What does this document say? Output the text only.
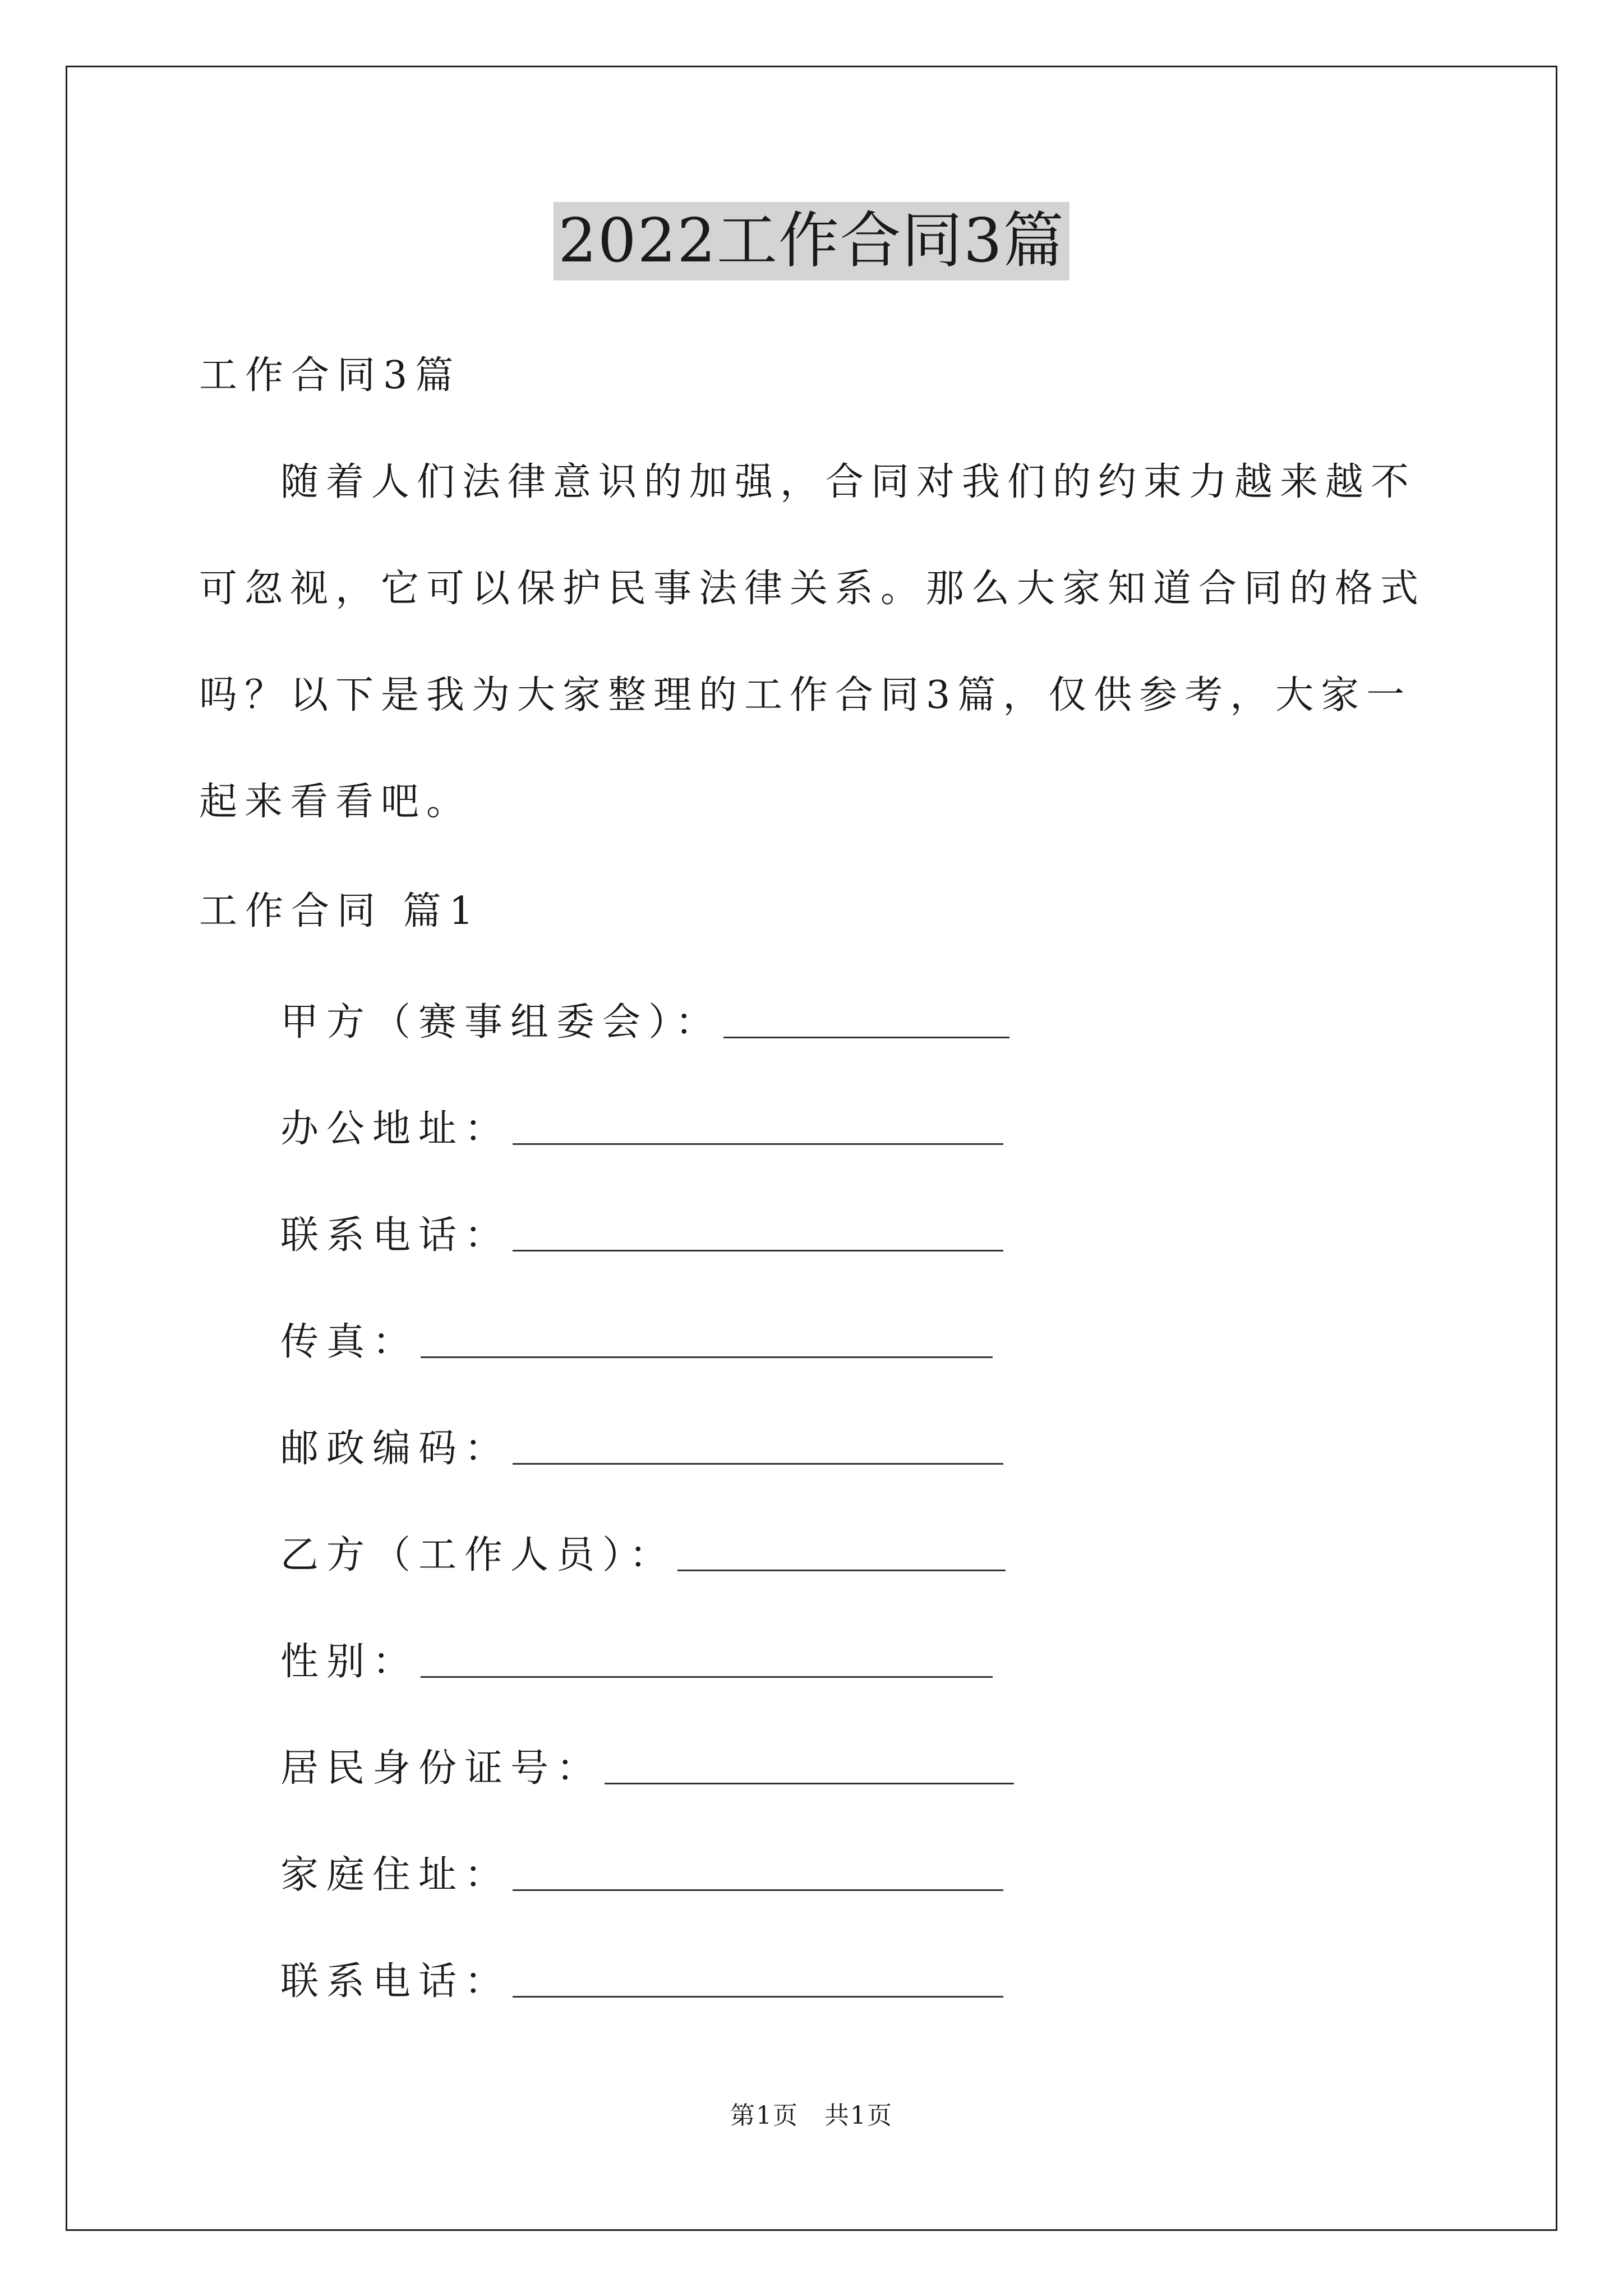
2022工作合同3篇
工作合同3篇

随着人们法律意识的加强，合同对我们的约束力越来越不可忽视，它可以保护民事法律关系。那么大家知道合同的格式吗？以下是我为大家整理的工作合同3篇，仅供参考，大家一起来看看吧。

工作合同 篇1
甲方（赛事组委会）：
办公地址：
联系电话：
传真：
邮政编码：
乙方（工作人员）：
性别：
居民身份证号：
家庭住址：
联系电话：
第1页　共1页
